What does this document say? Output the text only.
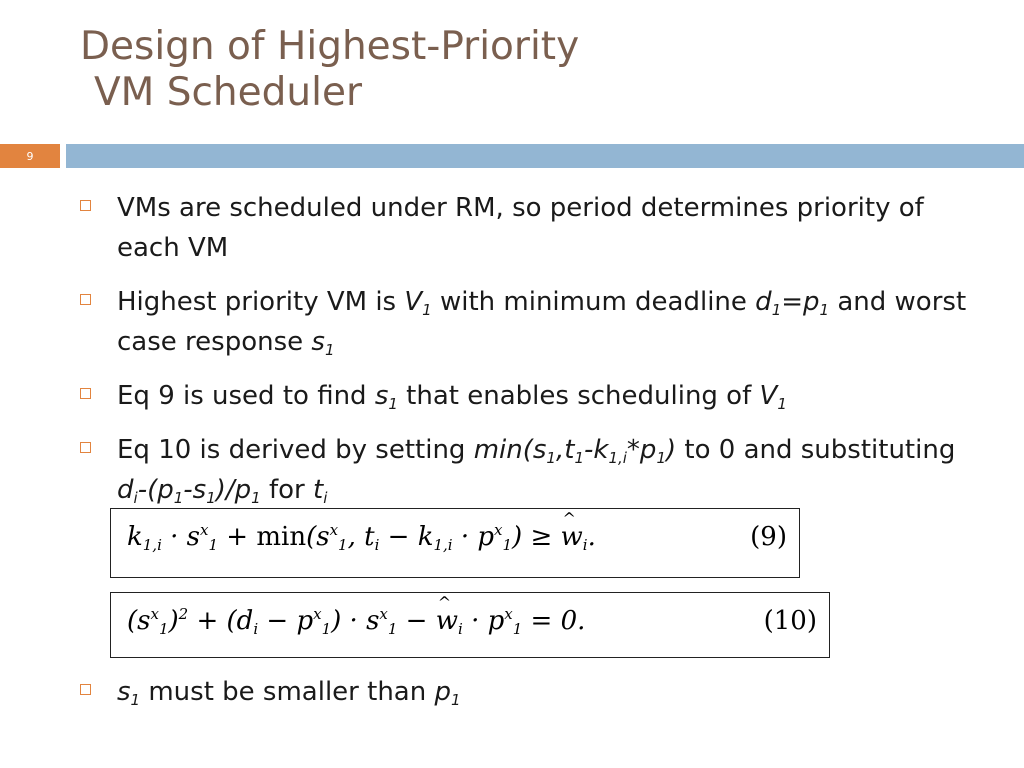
Design of Highest-Priority
VM Scheduler
9
VMs are scheduled under RM, so period determines priority of each VM
Highest priority VM is $V_1$ with minimum deadline $d_1=p_1$ and worst case response $s_1$
Eq 9 is used to find $s_1$ that enables scheduling of $V_1$
Eq 10 is derived by setting $\min(s_1,t_1-k_{1,i}*p_1)$ to 0 and substituting $d_i-(p_1-s_1)/p_1$ for $t_i$
$k_{1,i} \cdot s^x_1 + \min(s^x_1$, $t_i - k_{1,i} \cdot p^x_1$) ≥ ^ $w_i$.	(9)
$(s^x_1)^2 + (d_i - p^x_1) \cdot s^x_1$ − ^ $w_i \cdot p^x_1 = 0$.	(10)
$s_1$ must be smaller than $p_1$
